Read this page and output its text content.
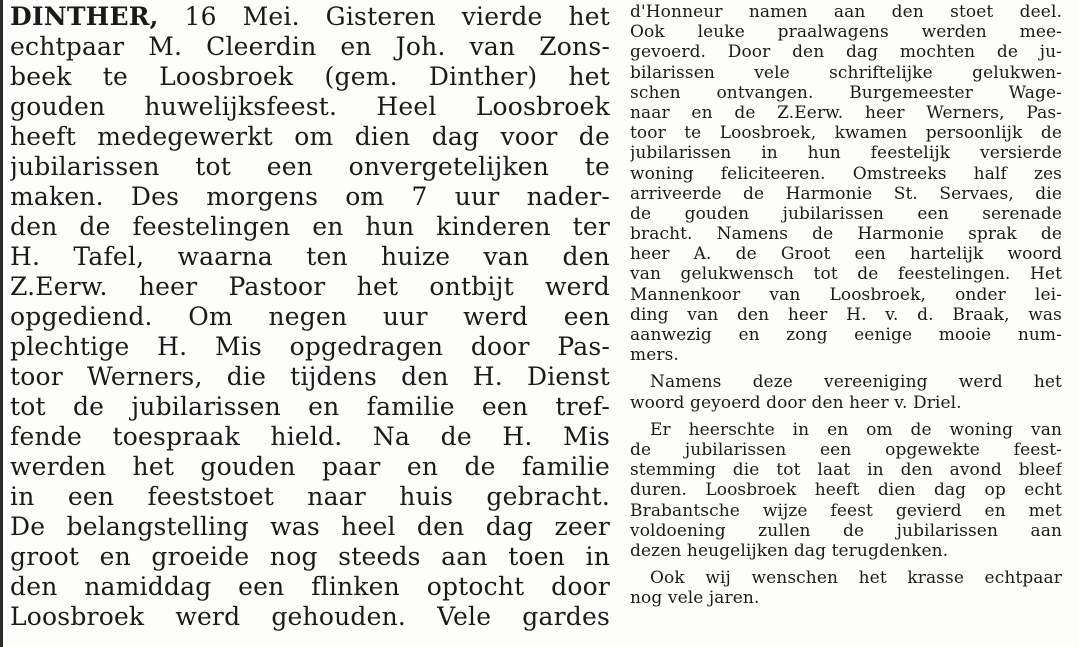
DINTHER, 16 Mei. Gisteren vierde het
echtpaar M. Cleerdin en Joh. van Zons-
beek te Loosbroek (gem. Dinther) het
gouden huwelijksfeest. Heel Loosbroek
heeft medegewerkt om dien dag voor de
jubilarissen tot een onvergetelijken te
maken. Des morgens om 7 uur nader-
den de feestelingen en hun kinderen ter
H. Tafel, waarna ten huize van den
Z.Eerw. heer Pastoor het ontbijt werd
opgediend. Om negen uur werd een
plechtige H. Mis opgedragen door Pas-
toor Werners, die tijdens den H. Dienst
tot de jubilarissen en familie een tref-
fende toespraak hield. Na de H. Mis
werden het gouden paar en de familie
in een feeststoet naar huis gebracht.
De belangstelling was heel den dag zeer
groot en groeide nog steeds aan toen in
den namiddag een flinken optocht door
Loosbroek werd gehouden. Vele gardes
d'Honneur namen aan den stoet deel.
Ook leuke praalwagens werden mee-
gevoerd. Door den dag mochten de ju-
bilarissen vele schriftelijke gelukwen-
schen ontvangen. Burgemeester Wage-
naar en de Z.Eerw. heer Werners, Pas-
toor te Loosbroek, kwamen persoonlijk de
jubilarissen in hun feestelijk versierde
woning feliciteeren. Omstreeks half zes
arriveerde de Harmonie St. Servaes, die
de gouden jubilarissen een serenade
bracht. Namens de Harmonie sprak de
heer A. de Groot een hartelijk woord
van gelukwensch tot de feestelingen. Het
Mannenkoor van Loosbroek, onder lei-
ding van den heer H. v. d. Braak, was
aanwezig en zong eenige mooie num-
mers.
Namens deze vereeniging werd het
woord geyoerd door den heer v. Driel.
Er heerschte in en om de woning van
de jubilarissen een opgewekte feest-
stemming die tot laat in den avond bleef
duren. Loosbroek heeft dien dag op echt
Brabantsche wijze feest gevierd en met
voldoening zullen de jubilarissen aan
dezen heugelijken dag terugdenken.
Ook wij wenschen het krasse echtpaar
nog vele jaren.
